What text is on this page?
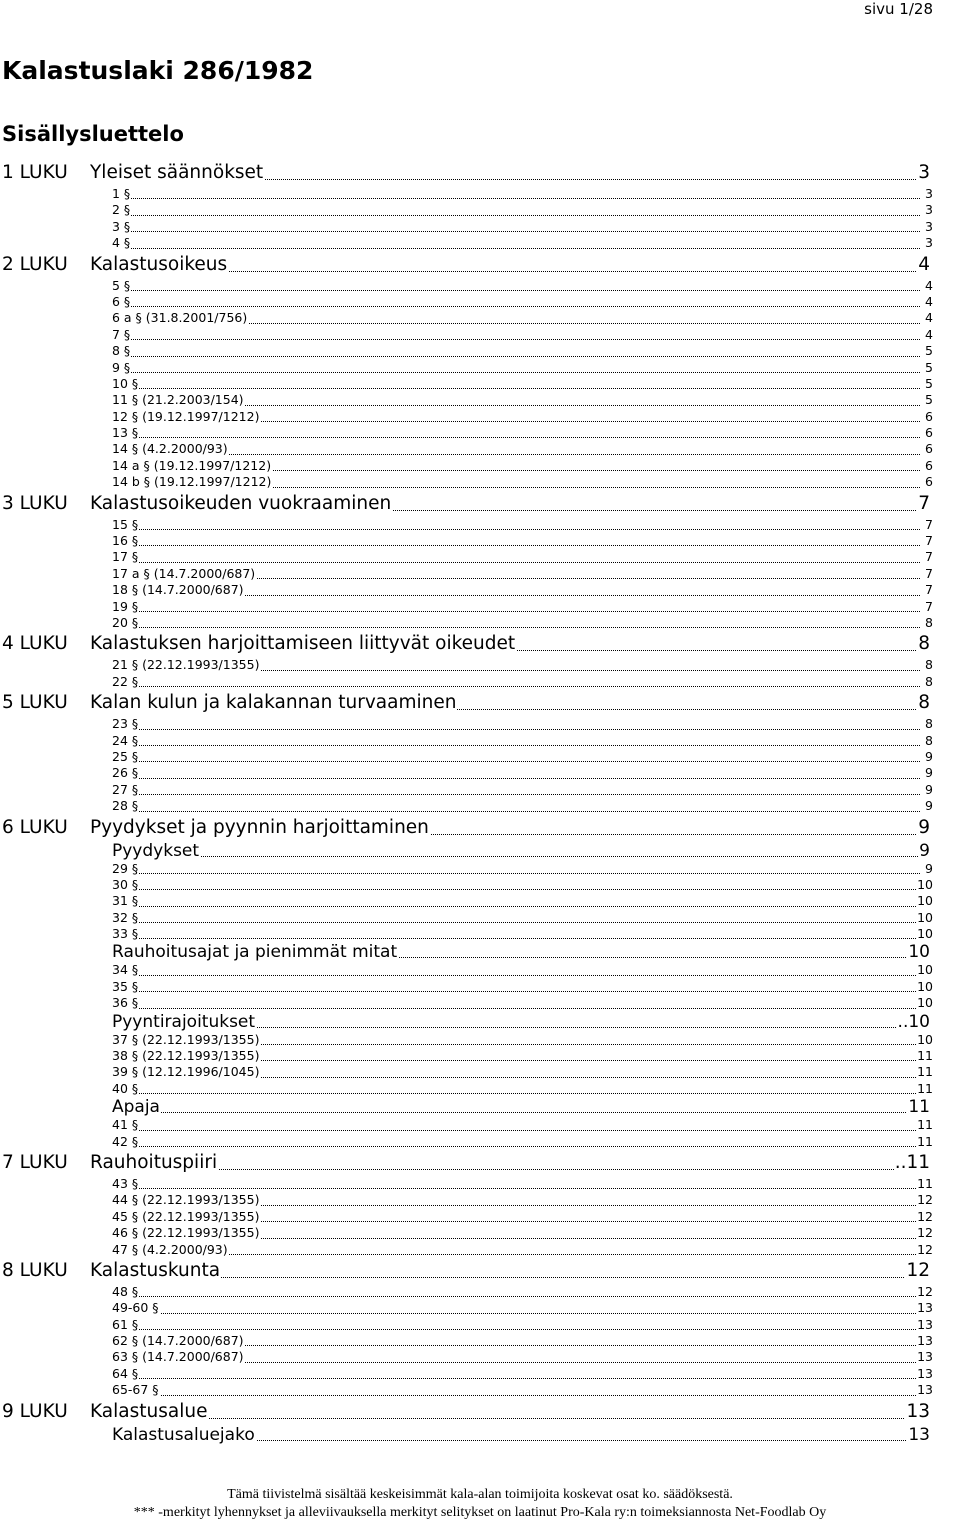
sivu 1/28
Kalastuslaki 286/1982
Sisällysluettelo
1 LUKU Yleiset säännökset	3
1 §	3
2 §	3
3 §	3
4 §	3
2 LUKU Kalastusoikeus	4
5 §	4
6 §	4
6 a § (31.8.2001/756)	4
7 §	4
8 §	5
9 §	5
10 §	5
11 § (21.2.2003/154)	5
12 § (19.12.1997/1212)	6
13 §	6
14 § (4.2.2000/93)	6
14 a § (19.12.1997/1212)	6
14 b § (19.12.1997/1212)	6
3 LUKU Kalastusoikeuden vuokraaminen	7
15 §	7
16 §	7
17 §	7
17 a § (14.7.2000/687)	7
18 § (14.7.2000/687)	7
19 §	7
20 §	8
4 LUKU Kalastuksen harjoittamiseen liittyvät oikeudet	8
21 § (22.12.1993/1355)	8
22 §	8
5 LUKU Kalan kulun ja kalakannan turvaaminen	8
23 §	8
24 §	8
25 §	9
26 §	9
27 §	9
28 §	9
6 LUKU Pyydykset ja pyynnin harjoittaminen	9
Pyydykset	9
29 §	9
30 §	10
31 §	10
32 §	10
33 §	10
Rauhoitusajat ja pienimmät mitat	10
34 §	10
35 §	10
36 §	10
Pyyntirajoitukset	..10
37 § (22.12.1993/1355)	10
38 § (22.12.1993/1355)	11
39 § (12.12.1996/1045)	11
40 §	11
Apaja	11
41 §	11
42 §	11
7 LUKU Rauhoituspiiri	..11
43 §	11
44 § (22.12.1993/1355)	12
45 § (22.12.1993/1355)	12
46 § (22.12.1993/1355)	12
47 § (4.2.2000/93)	12
8 LUKU Kalastuskunta	12
48 §	12
49-60 §	13
61 §	13
62 § (14.7.2000/687)	13
63 § (14.7.2000/687)	13
64 §	13
65-67 §	13
9 LUKU Kalastusalue	13
Kalastusaluejako	13
Tämä tiivistelmä sisältää keskeisimmät kala-alan toimijoita koskevat osat ko. säädöksestä.
*** -merkityt lyhennykset ja alleviivauksella merkityt selitykset on laatinut Pro-Kala ry:n toimeksiannosta Net-Foodlab Oy
